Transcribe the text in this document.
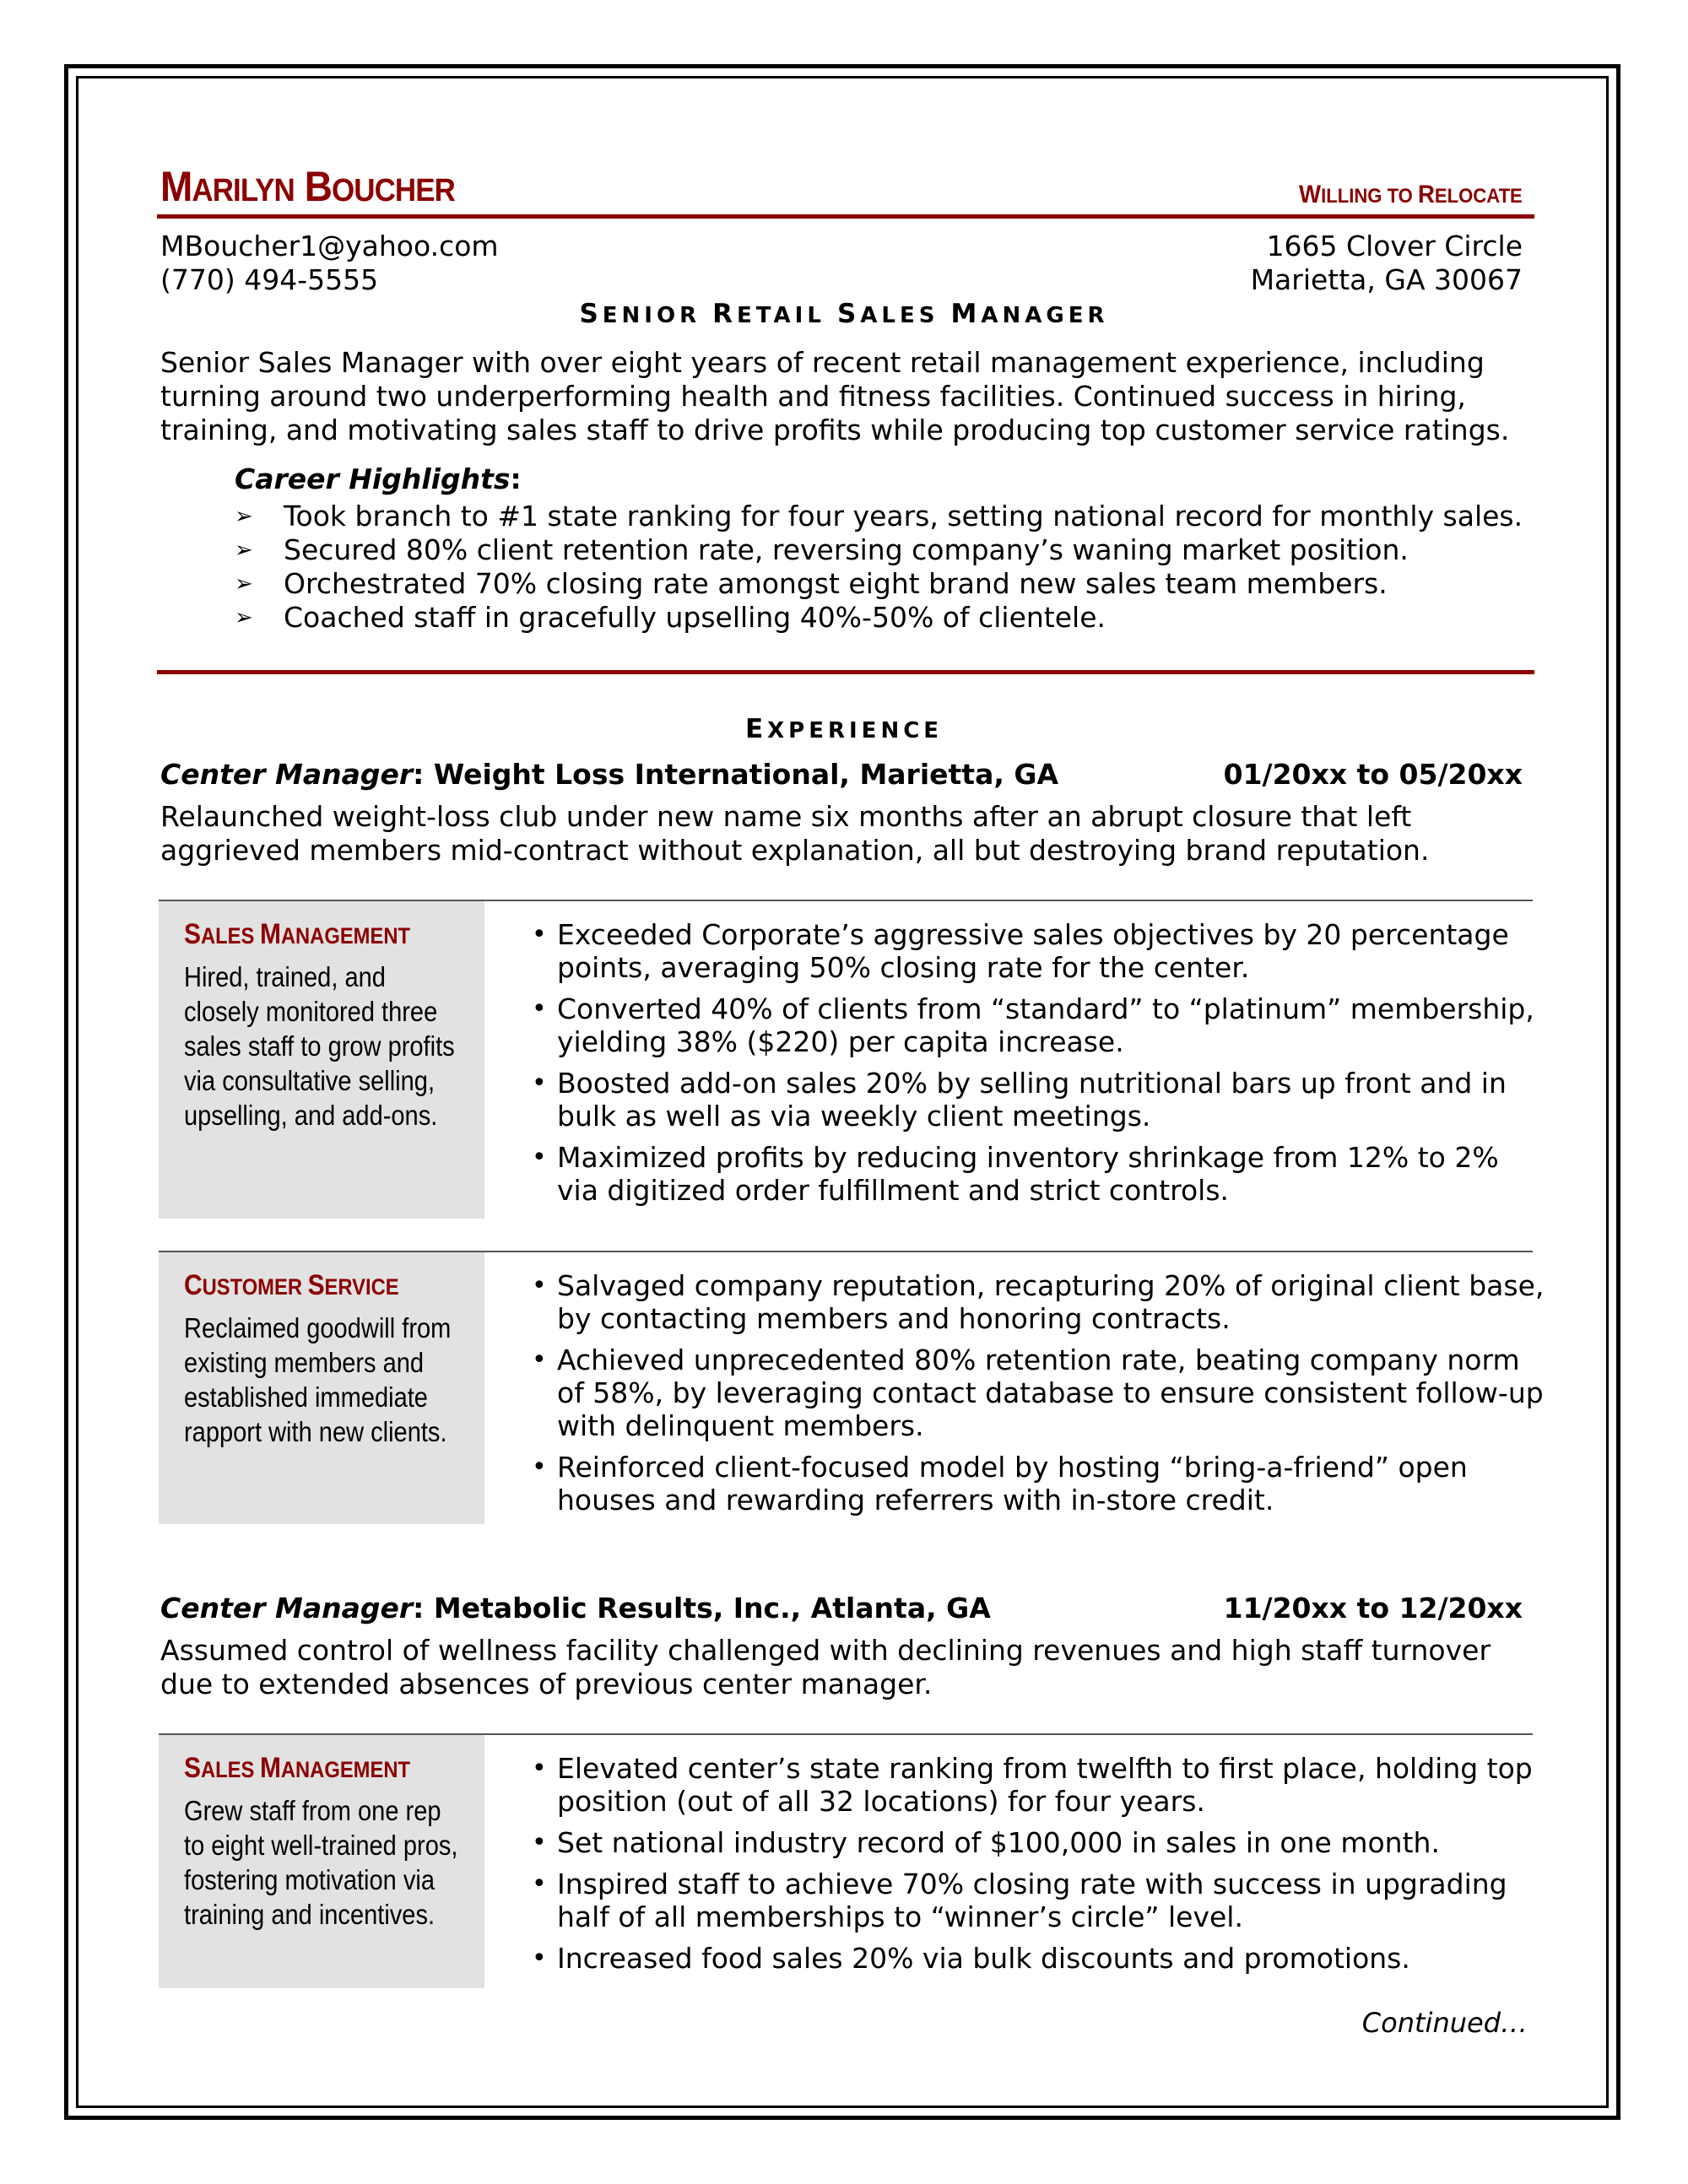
MARILYN BOUCHER	WILLING TO RELOCATE
MBoucher1@yahoo.com
(770) 494-5555
1665 Clover Circle
Marietta, GA 30067
SENIOR RETAIL SALES MANAGER
Senior Sales Manager with over eight years of recent retail management experience, including
turning around two underperforming health and fitness facilities. Continued success in hiring,
training, and motivating sales staff to drive profits while producing top customer service ratings.
Career Highlights:
➢ Took branch to #1 state ranking for four years, setting national record for monthly sales.
➢ Secured 80% client retention rate, reversing company’s waning market position.
➢ Orchestrated 70% closing rate amongst eight brand new sales team members.
➢ Coached staff in gracefully upselling 40%-50% of clientele.
EXPERIENCE
Center Manager: Weight Loss International, Marietta, GA	01/20xx to 05/20xx
Relaunched weight-loss club under new name six months after an abrupt closure that left
aggrieved members mid-contract without explanation, all but destroying brand reputation.
SALES MANAGEMENT
Hired, trained, and closely monitored three sales staff to grow profits via consultative selling, upselling, and add-ons.
• Exceeded Corporate’s aggressive sales objectives by 20 percentage points, averaging 50% closing rate for the center.
• Converted 40% of clients from “standard” to “platinum” membership, yielding 38% ($220) per capita increase.
• Boosted add-on sales 20% by selling nutritional bars up front and in bulk as well as via weekly client meetings.
• Maximized profits by reducing inventory shrinkage from 12% to 2% via digitized order fulfillment and strict controls.
CUSTOMER SERVICE
Reclaimed goodwill from existing members and established immediate rapport with new clients.
• Salvaged company reputation, recapturing 20% of original client base, by contacting members and honoring contracts.
• Achieved unprecedented 80% retention rate, beating company norm of 58%, by leveraging contact database to ensure consistent follow-up with delinquent members.
• Reinforced client-focused model by hosting “bring-a-friend” open houses and rewarding referrers with in-store credit.
Center Manager: Metabolic Results, Inc., Atlanta, GA	11/20xx to 12/20xx
Assumed control of wellness facility challenged with declining revenues and high staff turnover
due to extended absences of previous center manager.
SALES MANAGEMENT
Grew staff from one rep to eight well-trained pros, fostering motivation via training and incentives.
• Elevated center’s state ranking from twelfth to first place, holding top position (out of all 32 locations) for four years.
• Set national industry record of $100,000 in sales in one month.
• Inspired staff to achieve 70% closing rate with success in upgrading half of all memberships to “winner’s circle” level.
• Increased food sales 20% via bulk discounts and promotions.
Continued…
